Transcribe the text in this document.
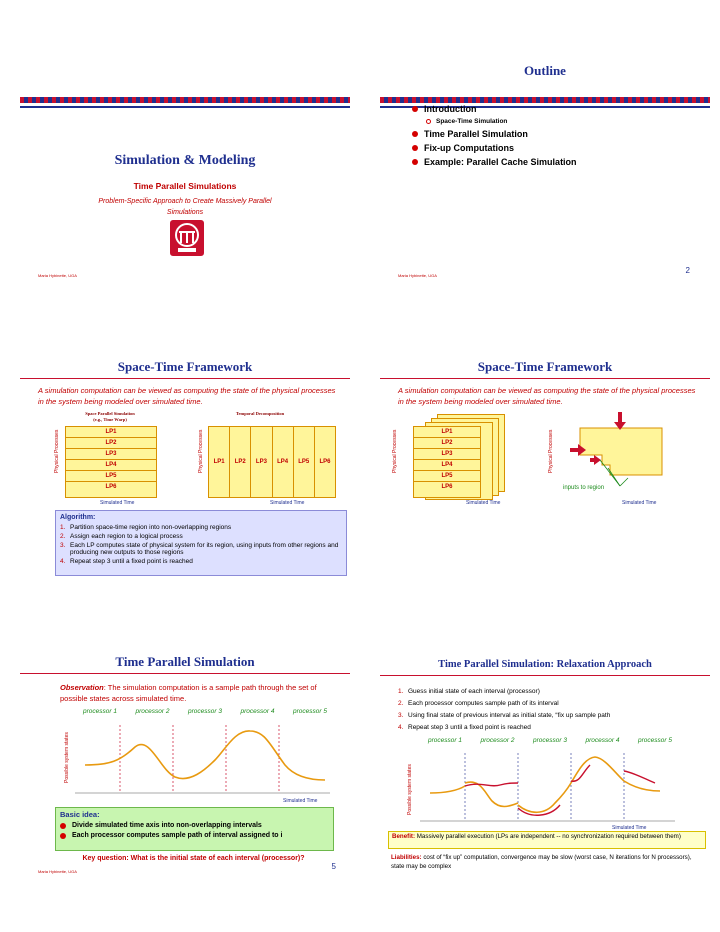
Simulation & Modeling
Time Parallel Simulations
Problem-Specific Approach to Create Massively Parallel Simulations
Maria Hybinette, UGA
Outline
Introduction
Space-Time Simulation
Time Parallel Simulation
Fix-up Computations
Example: Parallel Cache Simulation
2
Maria Hybinette, UGA
Space-Time Framework
A simulation computation can be viewed as computing the state of the physical processes in the system being modeled over simulated time.
Space Parallel Simulation
(e.g., Time Warp)
Temporal Decomposition
LP1
LP2
LP3
LP4
LP5
LP6
Physical Processes
Simulated Time
LP1	LP2	LP3	LP4	LP5	LP6
Physical Processes
Simulated Time
Algorithm:
1. Partition space-time region into non-overlapping regions
2. Assign each region to a logical process
3. Each LP computes state of physical system for its region, using inputs from other regions and producing new outputs to those regions
4. Repeat step 3 until a fixed point is reached
Space-Time Framework
A simulation computation can be viewed as computing the state of the physical processes in the system being modeled over simulated time.
LP1
LP2
LP3
LP4
LP5
LP6
Physical Processes
Simulated Time
Physical Processes
inputs to region
Simulated Time
Time Parallel Simulation
Observation: The simulation computation is a sample path through the set of possible states across simulated time.
processor 1	processor 2	processor 3	processor 4	processor 5
Possible system states
Simulated Time
Basic idea:
Divide simulated time axis into non-overlapping intervals
Each processor computes sample path of interval assigned to i
Key question: What is the initial state of each interval (processor)?
5
Maria Hybinette, UGA
Time Parallel Simulation: Relaxation Approach
1. Guess initial state of each interval (processor)
2. Each processor computes sample path of its interval
3. Using final state of previous interval as initial state, “fix up sample path
4. Repeat step 3 until a fixed point is reached
processor 1	processor 2	processor 3	processor 4	processor 5
Possible system states
Simulated Time
Benefit: Massively parallel execution (LPs are independent -- no synchronization required between them)
Liabilities: cost of “fix up” computation, convergence may be slow (worst case, N iterations for N processors), state may be complex
